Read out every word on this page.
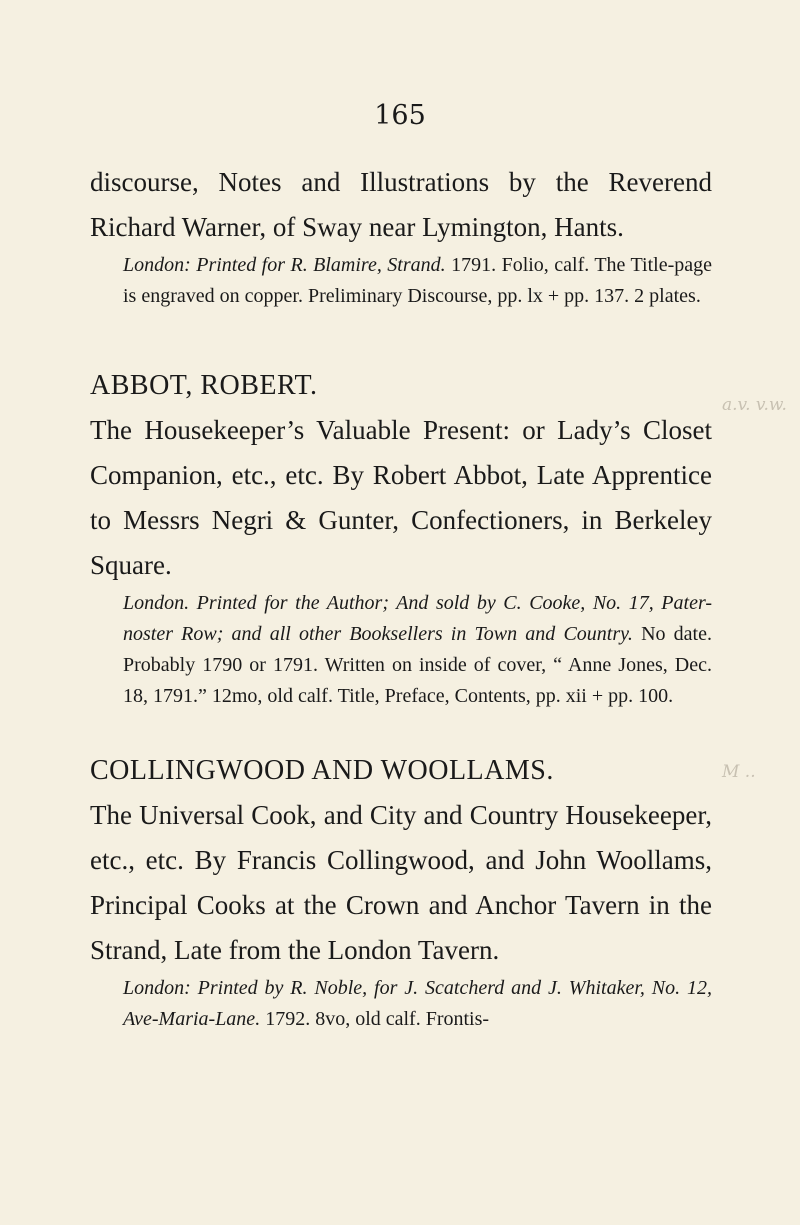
165
discourse, Notes and Illustrations by the Reverend Richard Warner, of Sway near Lymington, Hants.
London: Printed for R. Blamire, Strand. 1791. Folio, calf. The Title-page is engraved on copper. Preliminary Discourse, pp. lx + pp. 137. 2 plates.
ABBOT, ROBERT.
The Housekeeper’s Valuable Present: or Lady’s Closet Companion, etc., etc. By Robert Abbot, Late Apprentice to Messrs Negri & Gunter, Confectioners, in Berkeley Square.
London. Printed for the Author; And sold by C. Cooke, No. 17, Pater-noster Row; and all other Booksellers in Town and Country. No date. Probably 1790 or 1791. Written on inside of cover, “ Anne Jones, Dec. 18, 1791.” 12mo, old calf. Title, Preface, Contents, pp. xii + pp. 100.
COLLINGWOOD AND WOOLLAMS.
The Universal Cook, and City and Country Housekeeper, etc., etc. By Francis Collingwood, and John Woollams, Principal Cooks at the Crown and Anchor Tavern in the Strand, Late from the London Tavern.
London: Printed by R. Noble, for J. Scatcherd and J. Whitaker, No. 12, Ave-Maria-Lane. 1792. 8vo, old calf. Frontis-
a.v. v.w.
M ..
